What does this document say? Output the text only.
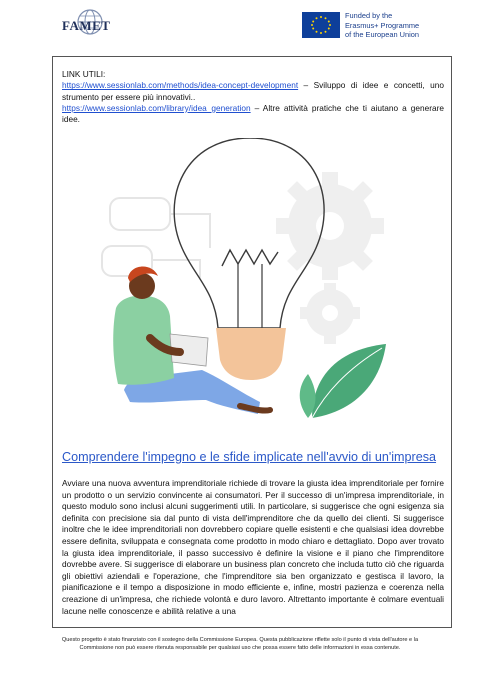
FAMET
Funded by the
Erasmus+ Programme
of the European Union
LINK UTILI:
https://www.sessionlab.com/methods/idea-concept-development – Sviluppo di idee e concetti, uno strumento per essere più innovativi..
https://www.sessionlab.com/library/idea_generation – Altre attività pratiche che ti aiutano a generare idee.
Comprendere l'impegno e le sfide implicate nell'avvio di un'impresa
Avviare una nuova avventura imprenditoriale richiede di trovare la giusta idea imprenditoriale per fornire un prodotto o un servizio convincente ai consumatori. Per il successo di un'impresa imprenditoriale, in questo modulo sono inclusi alcuni suggerimenti utili. In particolare, si suggerisce che ogni esigenza sia definita con precisione sia dal punto di vista dell'imprenditore che da quello dei clienti. Si suggerisce inoltre che le idee imprenditoriali non dovrebbero copiare quelle esistenti e che qualsiasi idea dovrebbe essere definita, sviluppata e consegnata come prodotto in modo chiaro e dettagliato. Dopo aver trovato la giusta idea imprenditoriale, il passo successivo è definire la visione e il piano che l'imprenditore dovrebbe avere. Si suggerisce di elaborare un business plan concreto che includa tutto ciò che riguarda gli obiettivi aziendali e l'operazione, che l'imprenditore sia ben organizzato e gestisca il lavoro, la pianificazione e il tempo a disposizione in modo efficiente e, infine, mostri pazienza e coerenza nella creazione di un'impresa, che richiede volontà e duro lavoro. Altrettanto importante è colmare eventuali lacune nelle conoscenze e abilità relative a una
Questo progetto è stato finanziato con il sostegno della Commissione Europea. Questa pubblicazione riflette solo il punto di vista dell'autore e la
Commissione non può essere ritenuta responsabile per qualsiasi uso che possa essere fatto delle informazioni in essa contenute.
